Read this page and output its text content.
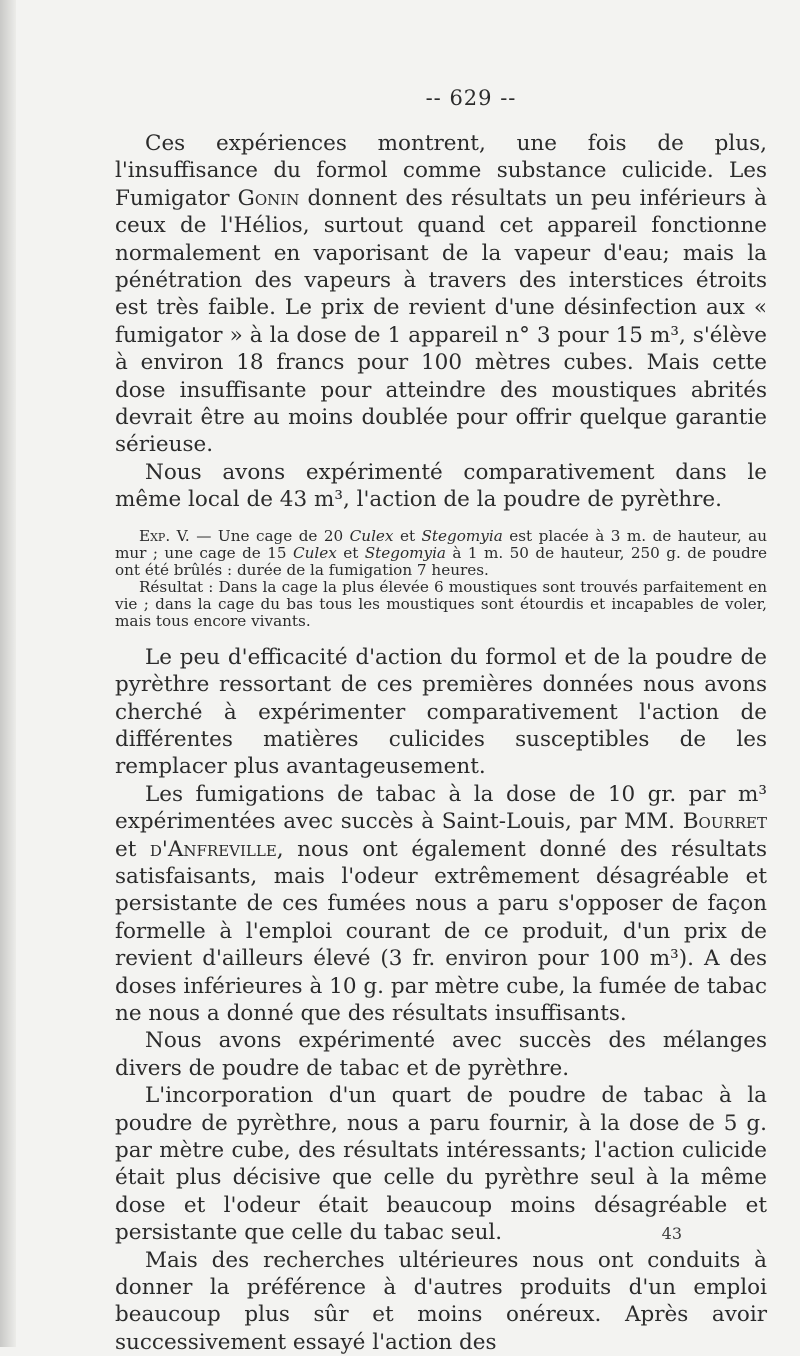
-- 629 --

Ces expériences montrent, une fois de plus, l'insuffisance du formol comme substance culicide. Les Fumigator Gonin donnent des résultats un peu inférieurs à ceux de l'Hélios, surtout quand cet appareil fonctionne normalement en vaporisant de la vapeur d'eau; mais la pénétration des vapeurs à travers des interstices étroits est très faible. Le prix de revient d'une désinfection aux « fumigator » à la dose de 1 appareil n° 3 pour 15 m³, s'élève à environ 18 francs pour 100 mètres cubes. Mais cette dose insuffisante pour atteindre des moustiques abrités devrait être au moins doublée pour offrir quelque garantie sérieuse.

Nous avons expérimenté comparativement dans le même local de 43 m³, l'action de la poudre de pyrèthre.

Exp. V. — Une cage de 20 Culex et Stegomyia est placée à 3 m. de hauteur, au mur ; une cage de 15 Culex et Stegomyia à 1 m. 50 de hauteur, 250 g. de poudre ont été brûlés : durée de la fumigation 7 heures.

Résultat : Dans la cage la plus élevée 6 moustiques sont trouvés parfaitement en vie ; dans la cage du bas tous les moustiques sont étourdis et incapables de voler, mais tous encore vivants.

Le peu d'efficacité d'action du formol et de la poudre de pyrèthre ressortant de ces premières données nous avons cherché à expérimenter comparativement l'action de différentes matières culicides susceptibles de les remplacer plus avantageusement.

Les fumigations de tabac à la dose de 10 gr. par m³ expérimentées avec succès à Saint-Louis, par MM. Bourret et d'Anfreville, nous ont également donné des résultats satisfaisants, mais l'odeur extrêmement désagréable et persistante de ces fumées nous a paru s'opposer de façon formelle à l'emploi courant de ce produit, d'un prix de revient d'ailleurs élevé (3 fr. environ pour 100 m³). A des doses inférieures à 10 g. par mètre cube, la fumée de tabac ne nous a donné que des résultats insuffisants.

Nous avons expérimenté avec succès des mélanges divers de poudre de tabac et de pyrèthre.

L'incorporation d'un quart de poudre de tabac à la poudre de pyrèthre, nous a paru fournir, à la dose de 5 g. par mètre cube, des résultats intéressants; l'action culicide était plus décisive que celle du pyrèthre seul à la même dose et l'odeur était beaucoup moins désagréable et persistante que celle du tabac seul.

Mais des recherches ultérieures nous ont conduits à donner la préférence à d'autres produits d'un emploi beaucoup plus sûr et moins onéreux. Après avoir successivement essayé l'action des

43
